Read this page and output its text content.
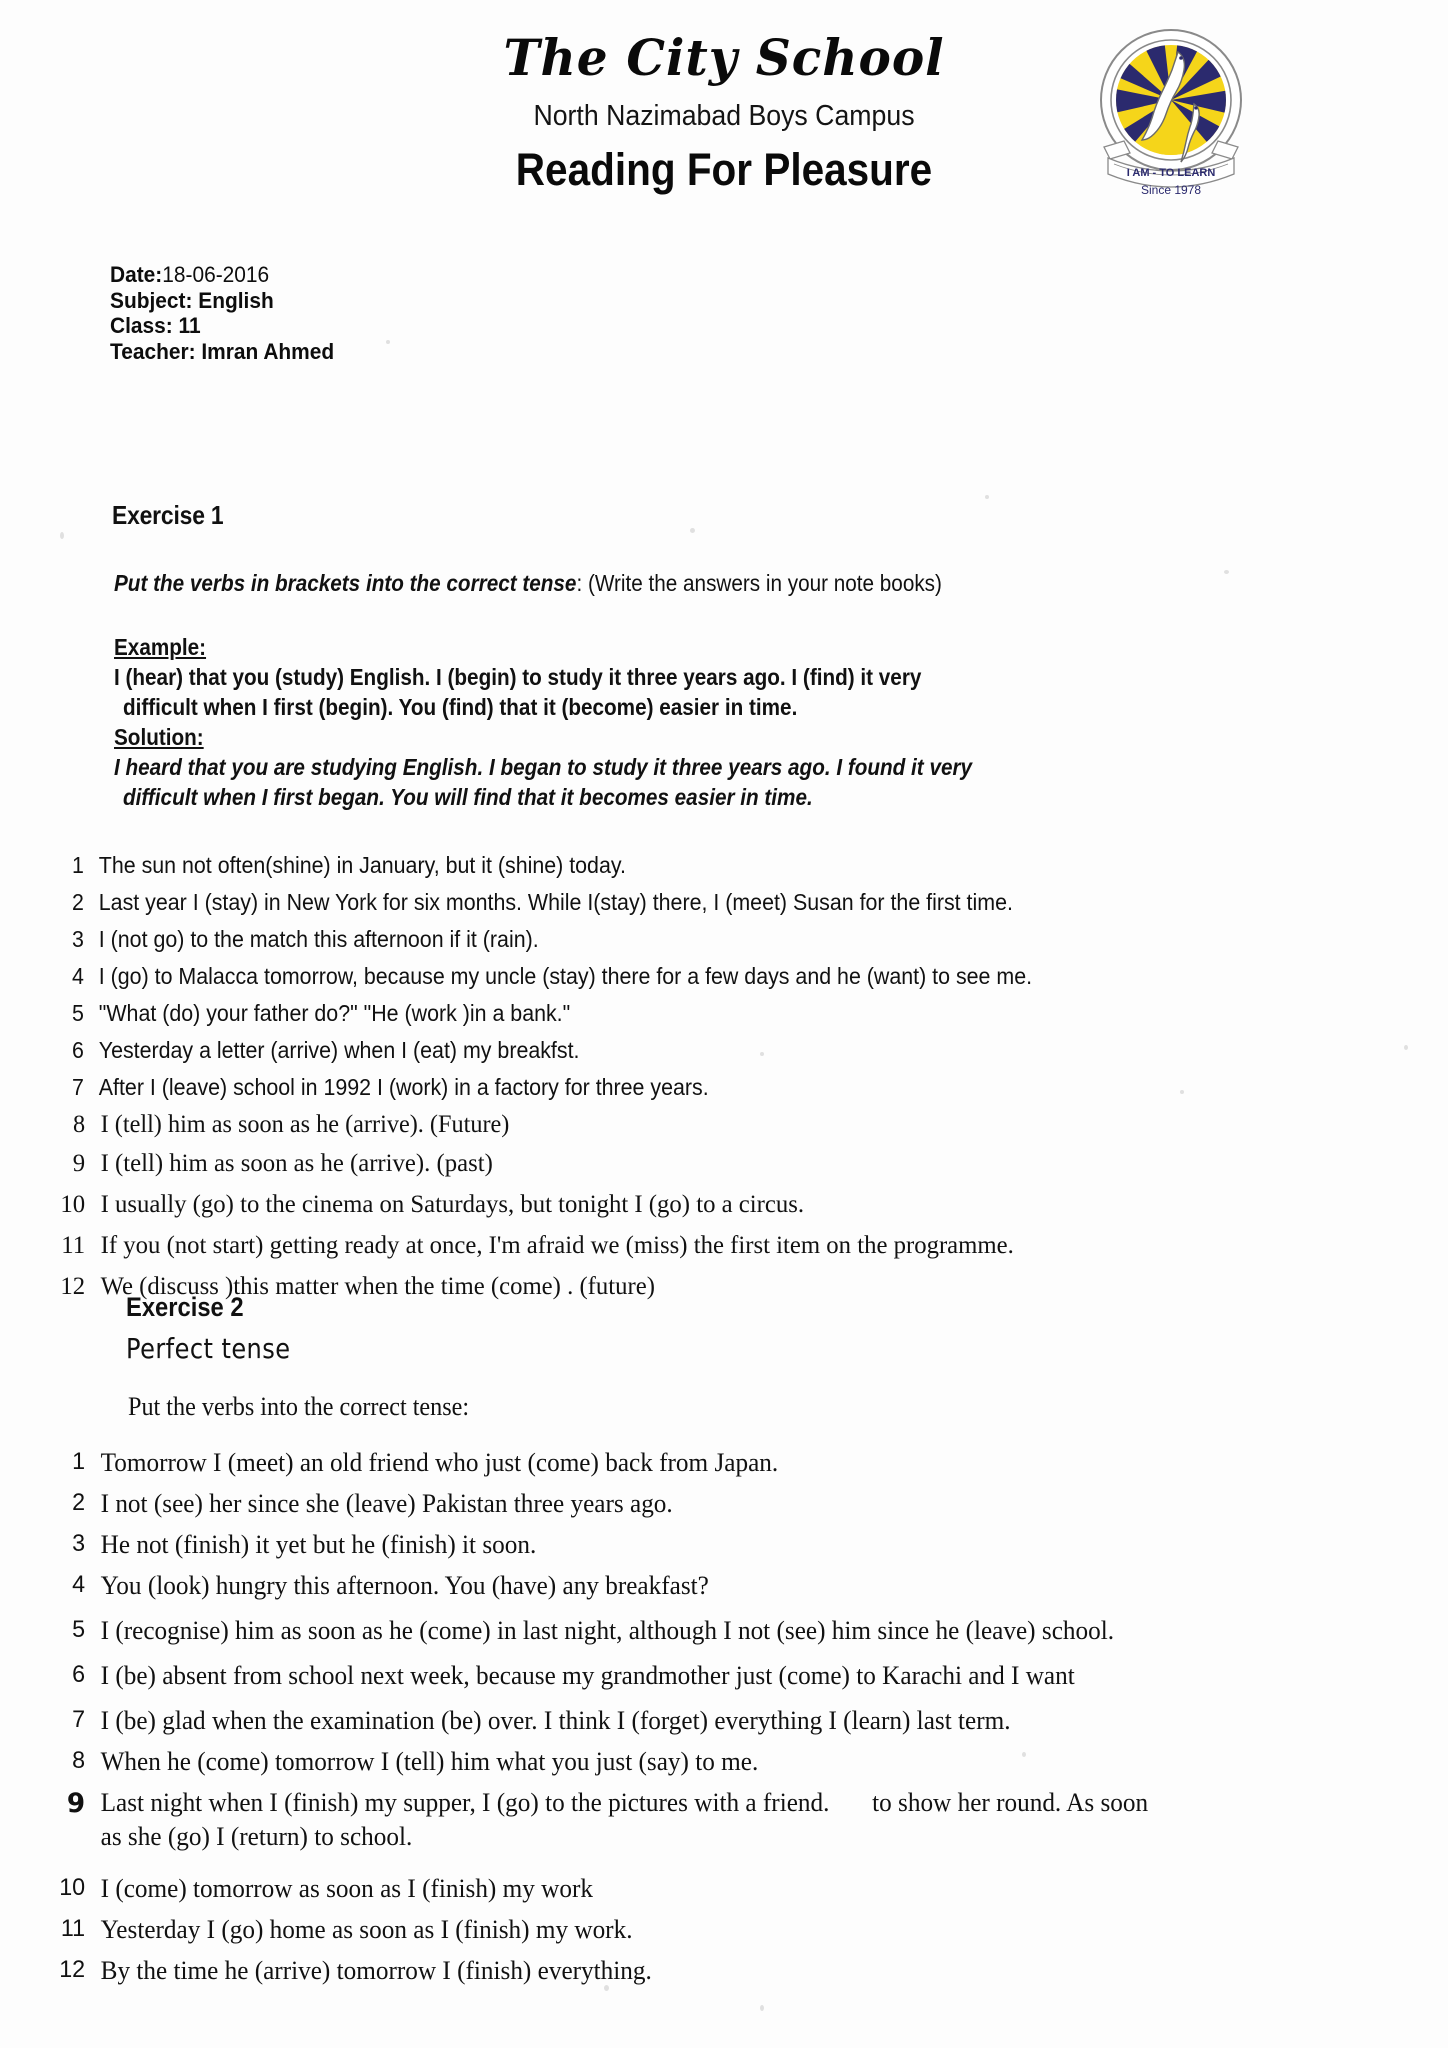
The City School
North Nazimabad Boys Campus
Reading For Pleasure	I AM - TO LEARN
Since 1978
Date:18-06-2016
Subject: English
Class: 11
Teacher: Imran Ahmed
Exercise 1
Put the verbs in brackets into the correct tense: (Write the answers in your note books)
Example:
I (hear) that you (study) English. I (begin) to study it three years ago. I (find) it very
difficult when I first (begin). You (find) that it (become) easier in time.
Solution:
I heard that you are studying English. I began to study it three years ago. I found it very
difficult when I first began. You will find that it becomes easier in time.
1 The sun not often(shine) in January, but it (shine) today.
2 Last year I (stay) in New York for six months. While I(stay) there, I (meet) Susan for the first time.
3 I (not go) to the match this afternoon if it (rain).
4 I (go) to Malacca tomorrow, because my uncle (stay) there for a few days and he (want) to see me.
5 "What (do) your father do?" "He (work )in a bank."
6 Yesterday a letter (arrive) when I (eat) my breakfst.
7 After I (leave) school in 1992 I (work) in a factory for three years.
8 I (tell) him as soon as he (arrive). (Future)
9 I (tell) him as soon as he (arrive). (past)
10 I usually (go) to the cinema on Saturdays, but tonight I (go) to a circus.
11 If you (not start) getting ready at once, I'm afraid we (miss) the first item on the programme.
12 We (discuss )this matter when the time (come) . (future)
Exercise 2
Perfect tense
Put the verbs into the correct tense:
1 Tomorrow I (meet) an old friend who just (come) back from Japan.
2 I not (see) her since she (leave) Pakistan three years ago.
3 He not (finish) it yet but he (finish) it soon.
4 You (look) hungry this afternoon. You (have) any breakfast?
5 I (recognise) him as soon as he (come) in last night, although I not (see) him since he (leave) school.
6 I (be) absent from school next week, because my grandmother just (come) to Karachi and I want
7 I (be) glad when the examination (be) over. I think I (forget) everything I (learn) last term.
8 When he (come) tomorrow I (tell) him what you just (say) to me.
9 Last night when I (finish) my supper, I (go) to the pictures with a friend. to show her round. As soon
as she (go) I (return) to school.
10 I (come) tomorrow as soon as I (finish) my work
11 Yesterday I (go) home as soon as I (finish) my work.
12 By the time he (arrive) tomorrow I (finish) everything.
